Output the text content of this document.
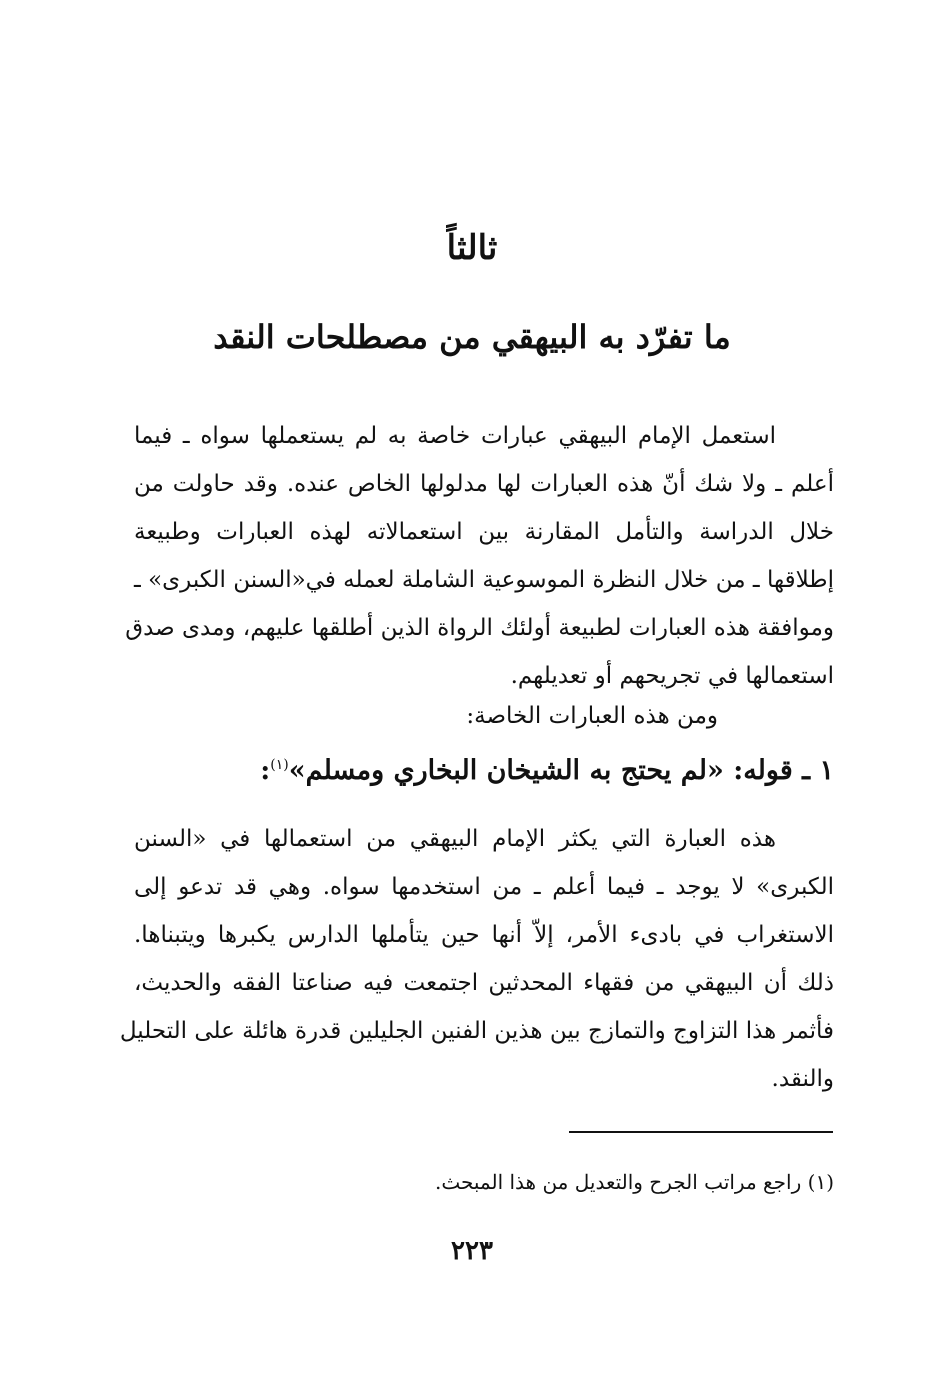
ثالثاً
ما تفرّد به البيهقي من مصطلحات النقد
استعمل الإمام البيهقي عبارات خاصة به لم يستعملها سواه ـ فيما
أعلم ـ ولا شك أنّ هذه العبارات لها مدلولها الخاص عنده. وقد حاولت من
خلال الدراسة والتأمل المقارنة بين استعمالاته لهذه العبارات وطبيعة
إطلاقها ـ من خلال النظرة الموسوعية الشاملة لعمله في«السنن الكبرى» ـ
وموافقة هذه العبارات لطبيعة أولئك الرواة الذين أطلقها عليهم، ومدى صدق
استعمالها في تجريحهم أو تعديلهم.
ومن هذه العبارات الخاصة:
١ ـ قوله: «لم يحتج به الشيخان البخاري ومسلم»$^{(١)}$:
هذه العبارة التي يكثر الإمام البيهقي من استعمالها في «السنن
الكبرى» لا يوجد ـ فيما أعلم ـ من استخدمها سواه. وهي قد تدعو إلى
الاستغراب في بادىء الأمر، إلاّ أنها حين يتأملها الدارس يكبرها ويتبناها.
ذلك أن البيهقي من فقهاء المحدثين اجتمعت فيه صناعتا الفقه والحديث،
فأثمر هذا التزاوج والتمازج بين هذين الفنين الجليلين قدرة هائلة على التحليل
والنقد.
(١) راجع مراتب الجرح والتعديل من هذا المبحث.
٢٢٣
